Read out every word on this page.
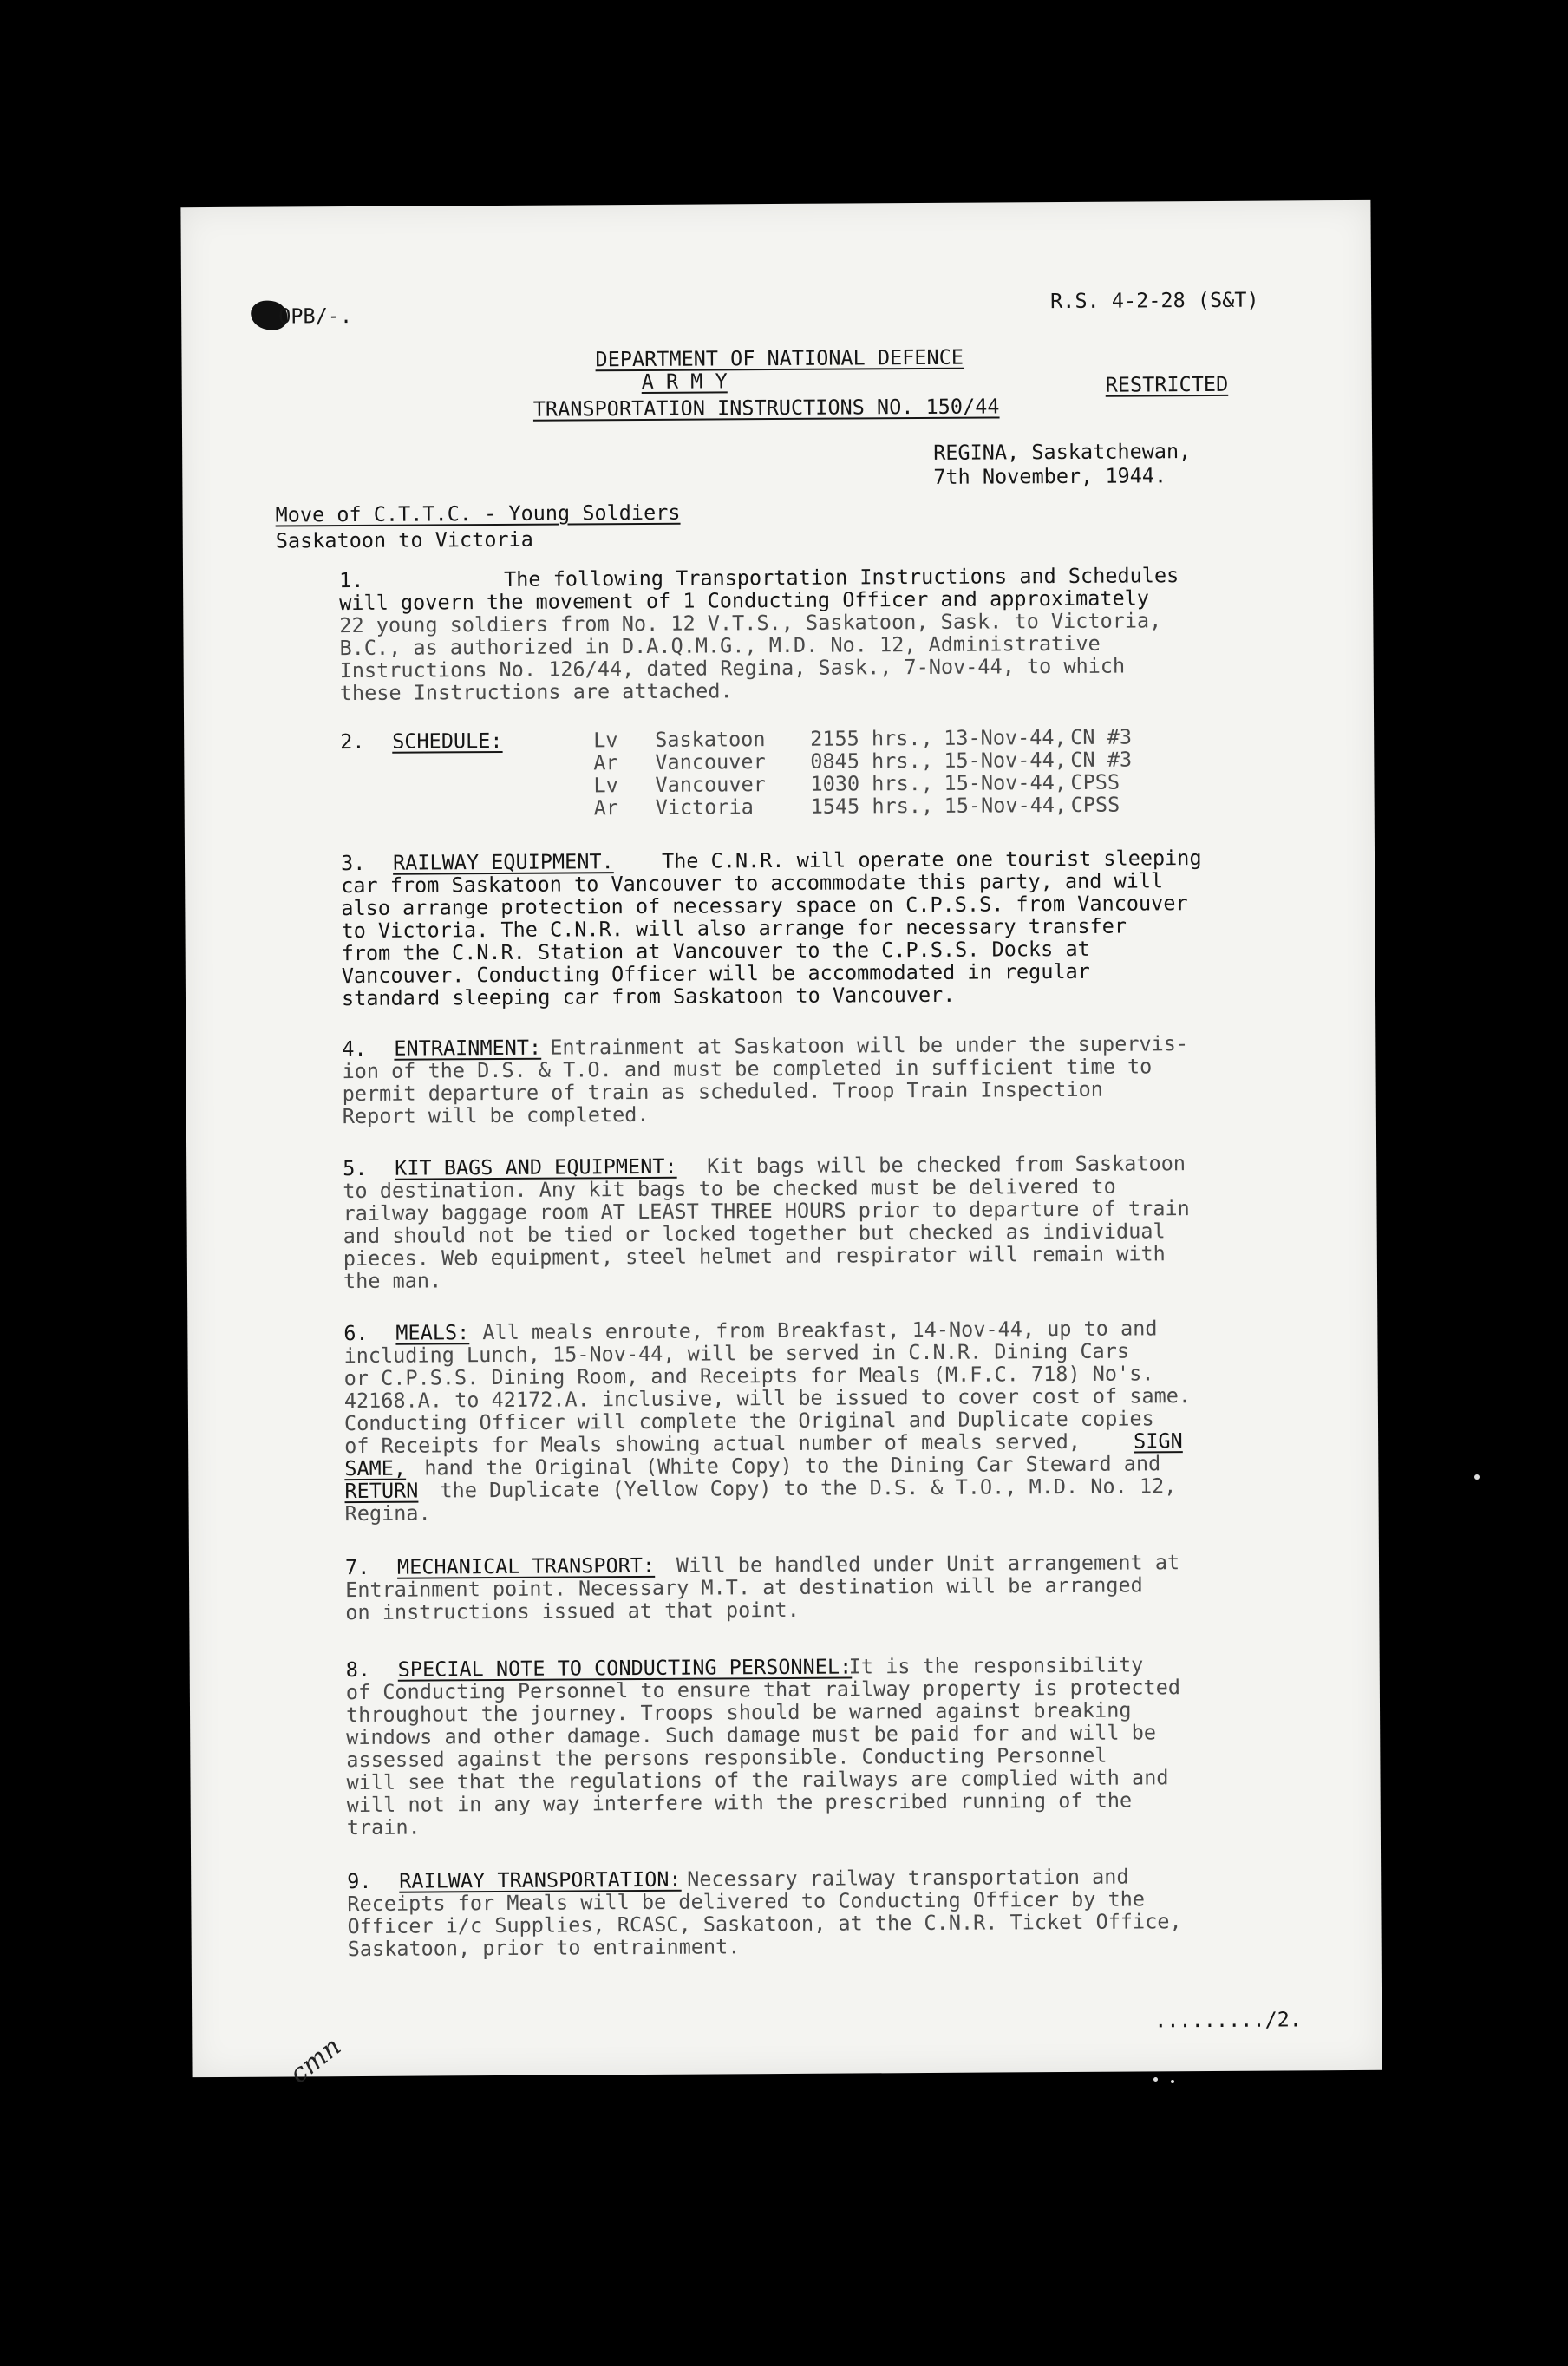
OPB/-.
R.S. 4-2-28 (S&T)
DEPARTMENT OF NATIONAL DEFENCE
A R M Y
TRANSPORTATION INSTRUCTIONS NO. 150/44
RESTRICTED
REGINA, Saskatchewan,
7th November, 1944.
Move of C.T.T.C. - Young Soldiers
Saskatoon to Victoria
1.	The following Transportation Instructions and Schedules
will govern the movement of 1 Conducting Officer and approximately
22 young soldiers from No. 12 V.T.S., Saskatoon, Sask. to Victoria,
B.C., as authorized in D.A.Q.M.G., M.D. No. 12, Administrative
Instructions No. 126/44, dated Regina, Sask., 7-Nov-44, to which
these Instructions are attached.
2. SCHEDULE:	Lv Saskatoon 2155 hrs., 13-Nov-44, CN #3
Ar Vancouver 0845 hrs., 15-Nov-44, CN #3
Lv Vancouver 1030 hrs., 15-Nov-44, CPSS
Ar Victoria	1545 hrs., 15-Nov-44, CPSS
3. RAILWAY EQUIPMENT. The C.N.R. will operate one tourist sleeping
car from Saskatoon to Vancouver to accommodate this party, and will
also arrange protection of necessary space on C.P.S.S. from Vancouver
to Victoria. The C.N.R. will also arrange for necessary transfer
from the C.N.R. Station at Vancouver to the C.P.S.S. Docks at
Vancouver. Conducting Officer will be accommodated in regular
standard sleeping car from Saskatoon to Vancouver.
4. ENTRAINMENT: Entrainment at Saskatoon will be under the supervis-
ion of the D.S. & T.O. and must be completed in sufficient time to
permit departure of train as scheduled. Troop Train Inspection
Report will be completed.
5. KIT BAGS AND EQUIPMENT: Kit bags will be checked from Saskatoon
to destination. Any kit bags to be checked must be delivered to
railway baggage room AT LEAST THREE HOURS prior to departure of train
and should not be tied or locked together but checked as individual
pieces. Web equipment, steel helmet and respirator will remain with
the man.
6. MEALS: All meals enroute, from Breakfast, 14-Nov-44, up to and
including Lunch, 15-Nov-44, will be served in C.N.R. Dining Cars
or C.P.S.S. Dining Room, and Receipts for Meals (M.F.C. 718) No's.
42168.A. to 42172.A. inclusive, will be issued to cover cost of same.
Conducting Officer will complete the Original and Duplicate copies
of Receipts for Meals showing actual number of meals served,	SIGN
SAME, hand the Original (White Copy) to the Dining Car Steward and
RETURN the Duplicate (Yellow Copy) to the D.S. & T.O., M.D. No. 12,
Regina.
7. MECHANICAL TRANSPORT: Will be handled under Unit arrangement at
Entrainment point. Necessary M.T. at destination will be arranged
on instructions issued at that point.
8. SPECIAL NOTE TO CONDUCTING PERSONNEL:
It is the responsibility
of Conducting Personnel to ensure that railway property is protected
throughout the journey. Troops should be warned against breaking
windows and other damage. Such damage must be paid for and will be
assessed against the persons responsible. Conducting Personnel
will see that the regulations of the railways are complied with and
will not in any way interfere with the prescribed running of the
train.
9. RAILWAY TRANSPORTATION: Necessary railway transportation and
Receipts for Meals will be delivered to Conducting Officer by the
Officer i/c Supplies, RCASC, Saskatoon, at the C.N.R. Ticket Office,
Saskatoon, prior to entrainment.
........./2.
cmn
